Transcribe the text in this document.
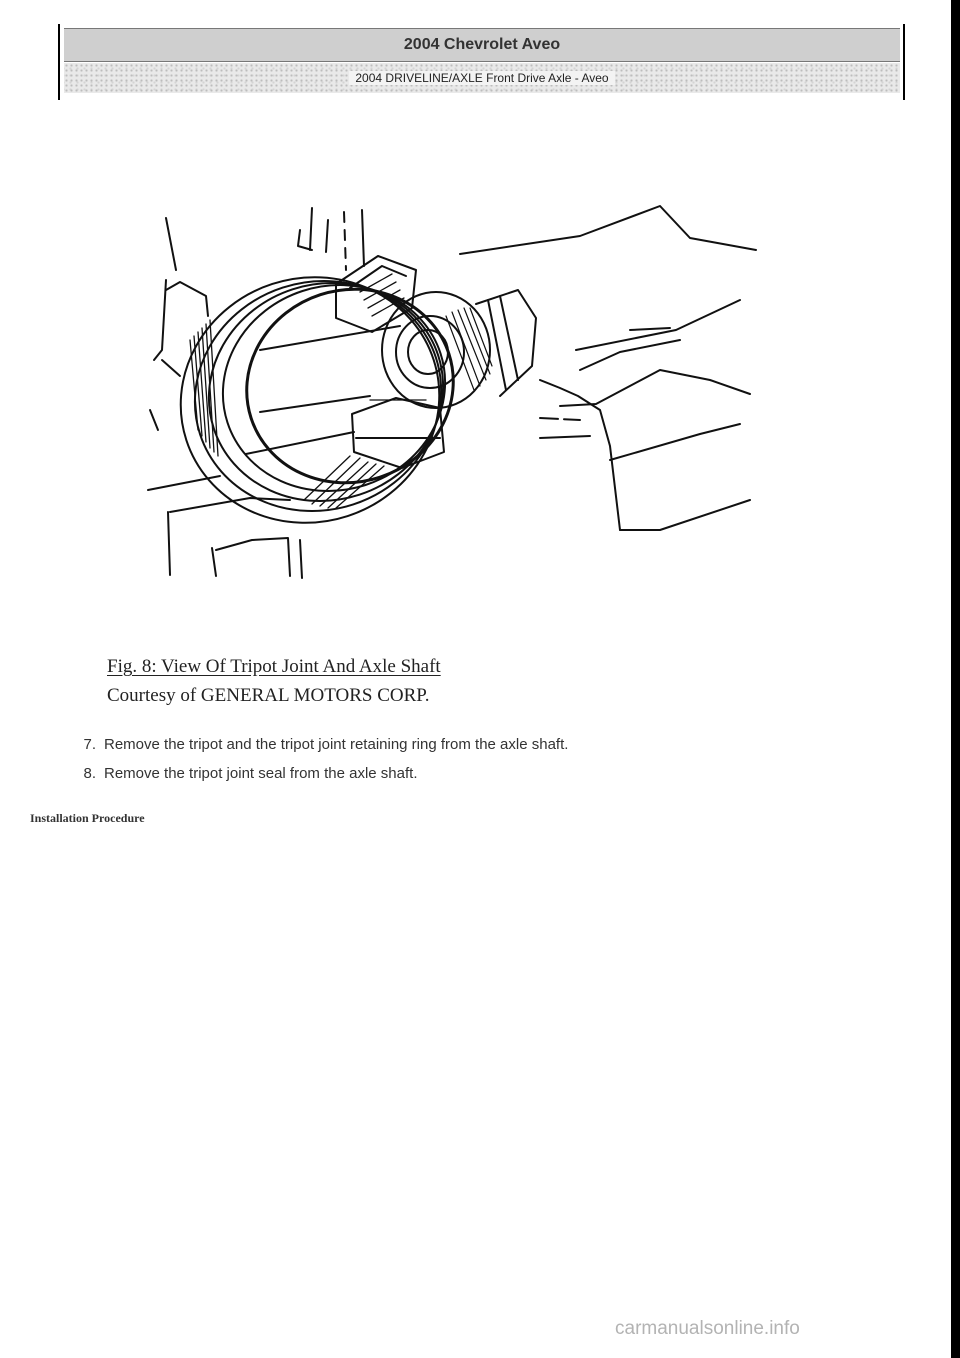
2004 Chevrolet Aveo
2004 DRIVELINE/AXLE Front Drive Axle - Aveo
Fig. 8: View Of Tripot Joint And Axle Shaft
Courtesy of GENERAL MOTORS CORP.
7. Remove the tripot and the tripot joint retaining ring from the axle shaft.
8. Remove the tripot joint seal from the axle shaft.
Installation Procedure
carmanualsonline.info
